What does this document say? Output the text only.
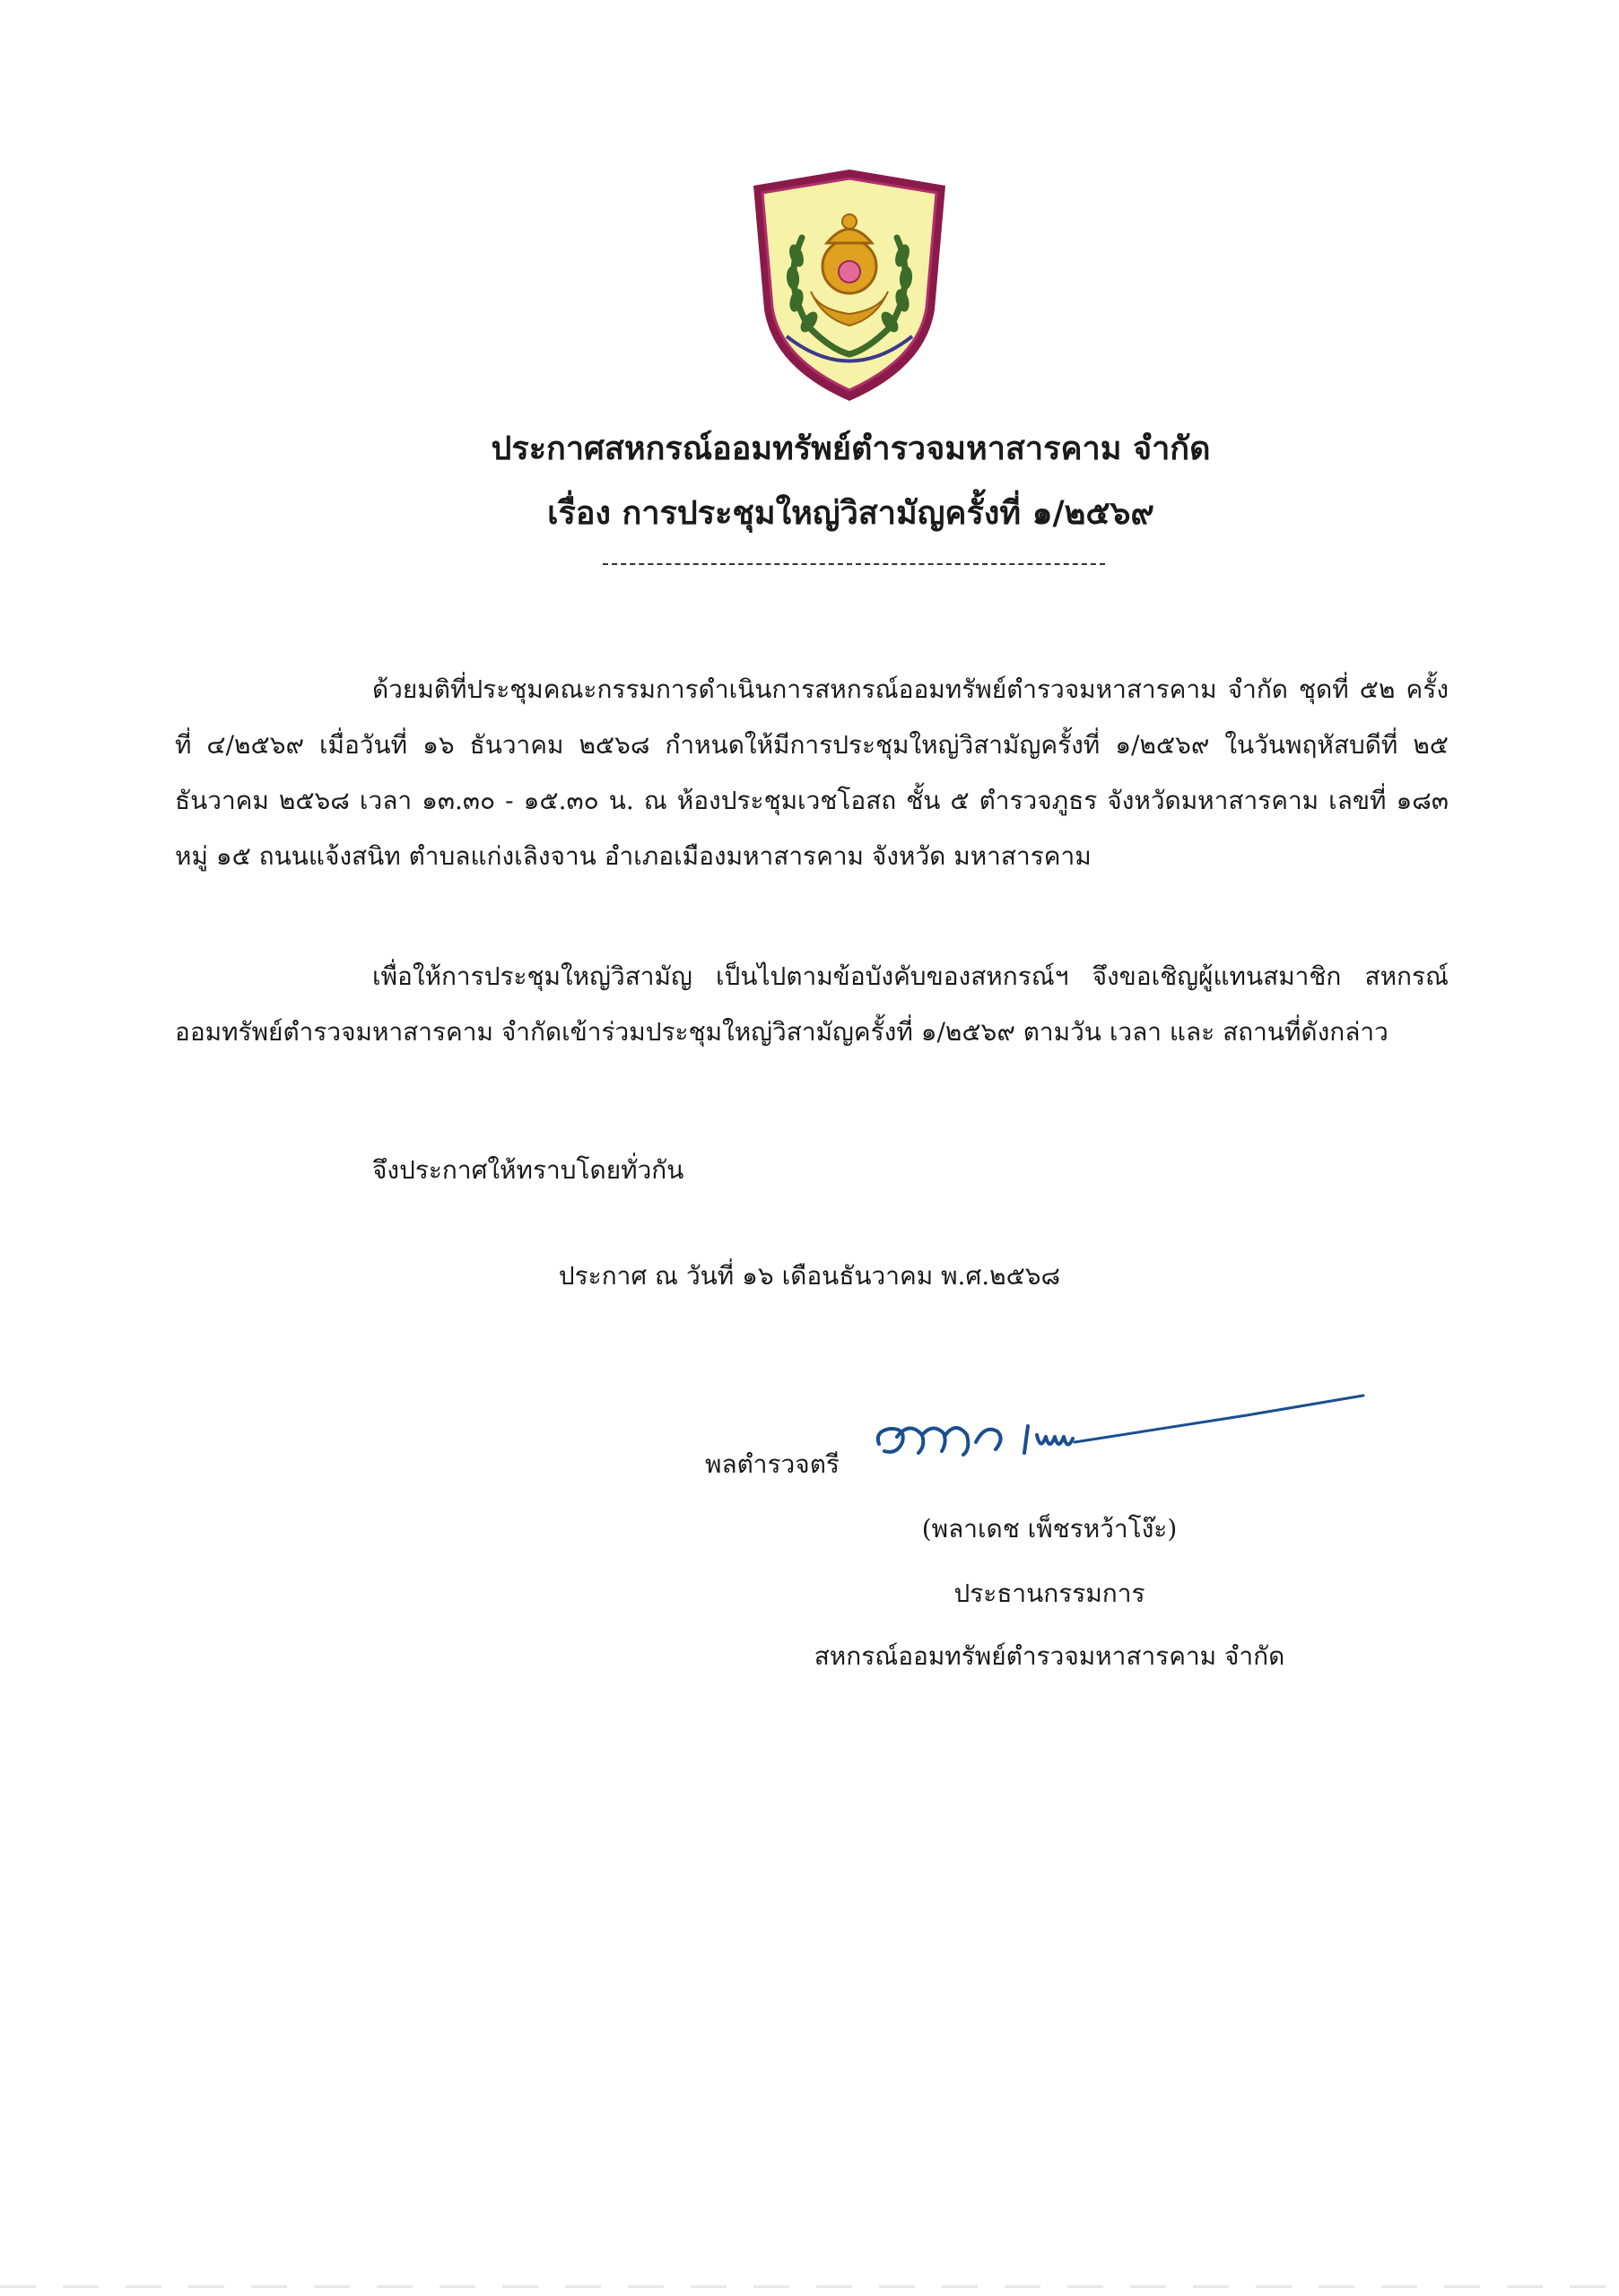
ประกาศสหกรณ์ออมทรัพย์ตำรวจมหาสารคาม จำกัด
เรื่อง การประชุมใหญ่วิสามัญครั้งที่ ๑/๒๕๖๙
ด้วยมติที่ประชุมคณะกรรมการดำเนินการสหกรณ์ออมทรัพย์ตำรวจมหาสารคาม จำกัด ชุดที่ ๕๒ ครั้งที่ ๔/๒๕๖๙ เมื่อวันที่ ๑๖ ธันวาคม ๒๕๖๘ กำหนดให้มีการประชุมใหญ่วิสามัญครั้งที่ ๑/๒๕๖๙ ในวันพฤหัสบดีที่ ๒๕ ธันวาคม ๒๕๖๘ เวลา ๑๓.๓๐ - ๑๕.๓๐ น. ณ ห้องประชุมเวชโอสถ ชั้น ๕ ตำรวจภูธร จังหวัดมหาสารคาม เลขที่ ๑๘๓ หมู่ ๑๕ ถนนแจ้งสนิท ตำบลแก่งเลิงจาน อำเภอเมืองมหาสารคาม จังหวัด มหาสารคาม
เพื่อให้การประชุมใหญ่วิสามัญ เป็นไปตามข้อบังคับของสหกรณ์ฯ จึงขอเชิญผู้แทนสมาชิก สหกรณ์ออมทรัพย์ตำรวจมหาสารคาม จำกัดเข้าร่วมประชุมใหญ่วิสามัญครั้งที่ ๑/๒๕๖๙ ตามวัน เวลา และ สถานที่ดังกล่าว
จึงประกาศให้ทราบโดยทั่วกัน
ประกาศ ณ วันที่ ๑๖ เดือนธันวาคม พ.ศ.๒๕๖๘
พลตำรวจตรี
(พลาเดช เพ็ชรหว้าโง๊ะ)
ประธานกรรมการ
สหกรณ์ออมทรัพย์ตำรวจมหาสารคาม จำกัด
